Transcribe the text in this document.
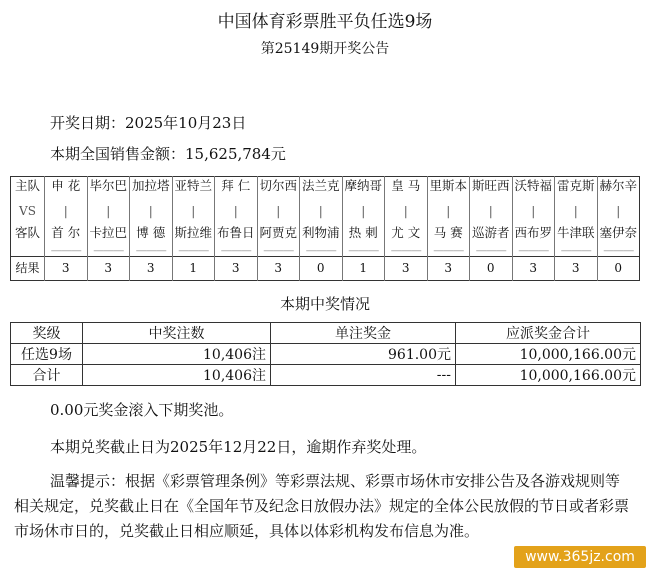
中国体育彩票胜平负任选9场
第25149期开奖公告
开奖日期：2025年10月23日
本期全国销售金额：15,625,784元
主队	申 花	毕尔巴	加拉塔	亚特兰	拜 仁	切尔西	法兰克	摩纳哥	皇 马	里斯本	斯旺西	沃特福	雷克斯	赫尔辛
VS	|	|	|	|	|	|	|	|	|	|	|	|	|	|
客队	首 尔	卡拉巴	博 德	斯拉维	布鲁日	阿贾克	利物浦	热 刺	尤 文	马 赛	巡游者	西布罗	牛津联	塞伊奈
	———	———	———	———	———	———	———	———	———	———	———	———	———	———
结果	3	3	3	1	3	3	0	1	3	3	0	3	3	0
本期中奖情况
奖级	中奖注数	单注奖金	应派奖金合计
任选9场	10,406注	961.00元	10,000,166.00元
合计	10,406注	---	10,000,166.00元
0.00元奖金滚入下期奖池。
本期兑奖截止日为2025年12月22日，逾期作弃奖处理。
温馨提示：根据《彩票管理条例》等彩票法规、彩票市场休市安排公告及各游戏规则等相关规定，兑奖截止日在《全国年节及纪念日放假办法》规定的全体公民放假的节日或者彩票市场休市日的，兑奖截止日相应顺延，具体以体彩机构发布信息为准。
www.365jz.com
